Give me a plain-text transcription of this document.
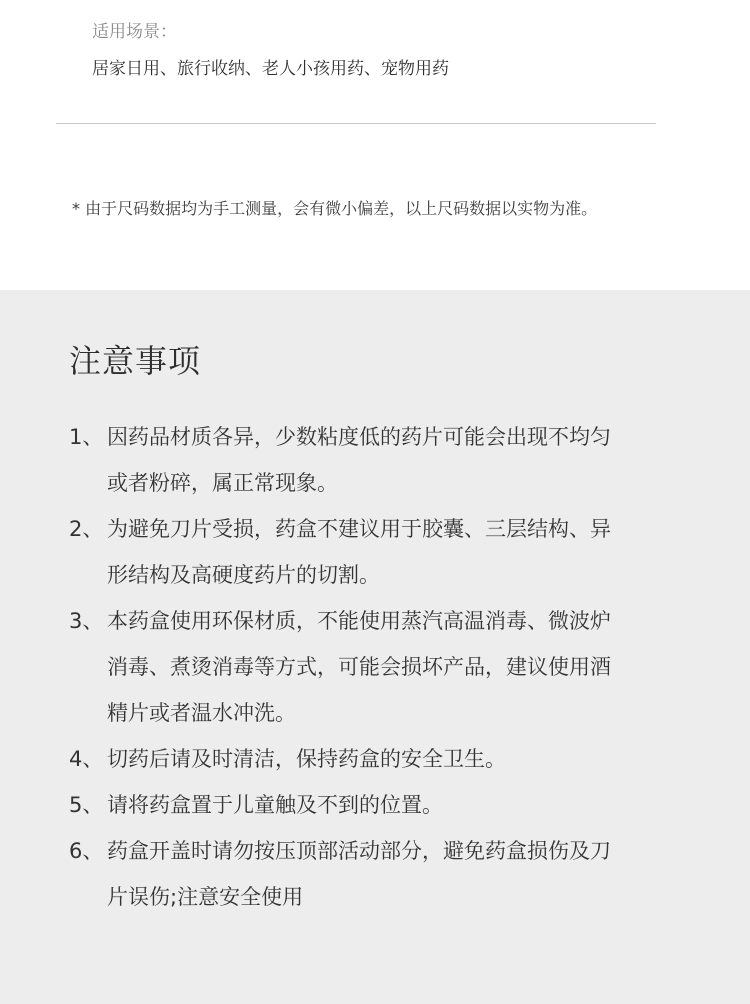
适用场景：
居家日用、旅行收纳、老人小孩用药、宠物用药
* 由于尺码数据均为手工测量，会有微小偏差，以上尺码数据以实物为准。
注意事项
1、 因药品材质各异，少数粘度低的药片可能会出现不均匀
或者粉碎，属正常现象。
2、 为避免刀片受损，药盒不建议用于胶囊、三层结构、异
形结构及高硬度药片的切割。
3、 本药盒使用环保材质，不能使用蒸汽高温消毒、微波炉
消毒、煮烫消毒等方式，可能会损坏产品，建议使用酒
精片或者温水冲洗。
4、 切药后请及时清洁，保持药盒的安全卫生。
5、 请将药盒置于儿童触及不到的位置。
6、 药盒开盖时请勿按压顶部活动部分，避免药盒损伤及刀
片误伤;注意安全使用
